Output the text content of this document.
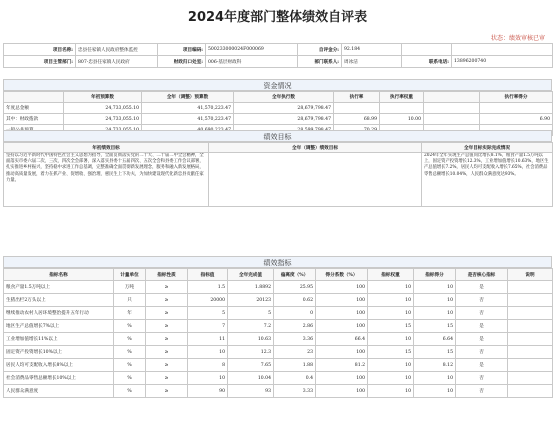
2024年度部门整体绩效自评表
状态：绩效审核已审
项目名称:	忠县任家镇人民政府整体监控	项目编码:	500233000024F000069	自评金分:	92.184		
项目主管部门:	807-忠县任家镇人民政府	财政归口处室:	006-基层财政科	部门联系人:	周冰洁	联系电话:	13896200740
资金情况
	年初预算数	全年（调整）预算数	全年执行数	执行率	执行率权重		执行率得分
年度总金额	24,733,055.10	41,570,223.47	28,679,798.47				
其中：财政拨款	24,733,055.10	41,570,223.47	28,679,798.47	68.99	10.00		6.90

绩效目标
年初绩效目标	全年（调整）绩效目标	全年目标实际完成情况
坚持以习近平新时代中国特色社会主义思想为指导，全面贯彻落实党的二十大、二十届二中全会精神，全面落实市委六届二次、三次、四次全会部署，深入落实县委十五届四次、五次全会和县委工作会议部署，扎实推进乡村振兴，坚持稳中求进工作总基调，完整准确全面贯彻新发展理念，服务和融入新发展格局，推动高质量发展，着力在抓产业、促增收、强治理、惠民生上下功夫，为加快建设现代化新忠县贡献任家力量。		2024年全年实现生产总值同比增长8.1%，粮食产量1.5万吨以上，固定资产投资增长12.3%，工业增加值增长10.63%，地区生产总值增长7.2%，居民人均可支配收入增长7.65%，社会消费品零售总额增长10.04%，人民群众满意度达93%。
绩效指标
指标名称	计量单位	指标性质	指标值	全年完成值	偏离度（%）	得分系数（%）	指标权重	指标得分	是否核心指标	说明
粮食产量1.5万吨以上	万吨	≥	1.5	1.8892	25.95	100	10	10	是	
生猪出栏2万头以上	只	≥	20000	20123	0.62	100	10	10	否	
继续推动农村人居环境整治提升五年行动	年	≥	5	5	0	100	10	10	否	
地区生产总值增长7%以上	%	≥	7	7.2	2.86	100	15	15	是	
工业增加值增长11%以上	%	≥	11	10.63	3.36	66.4	10	6.64	是	
固定资产投资增长10%以上	%	≥	10	12.3	23	100	15	15	否	
居民人均可支配收入增长8%以上	%	≥	8	7.65	1.88	81.2	10	8.12	是	
社会消费品零售总额增长10%以上	%	≥	10	10.04	0.4	100	10	10	否	
人民群众满意度	%	≥	90	93	3.33	100	10	10	否	
